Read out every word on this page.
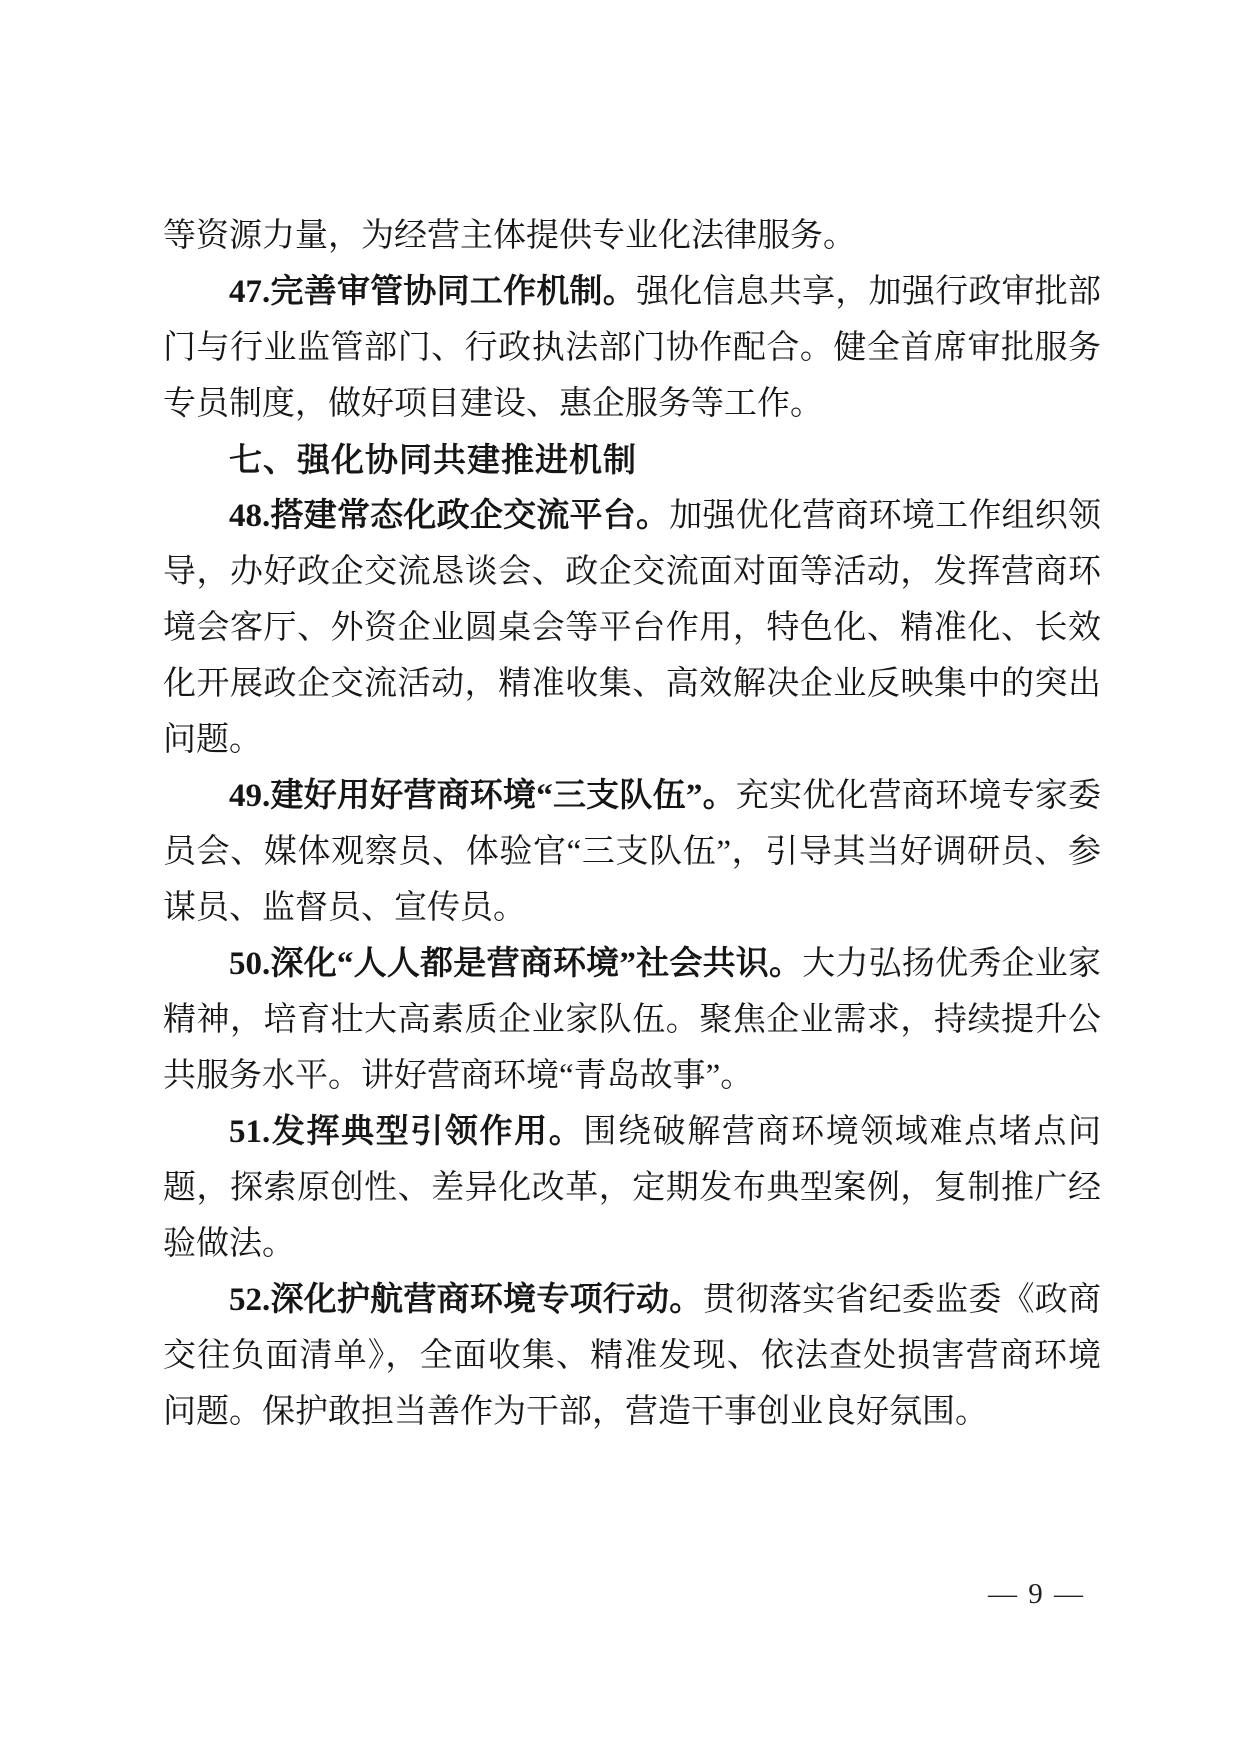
等资源力量，为经营主体提供专业化法律服务。

47.完善审管协同工作机制。强化信息共享，加强行政审批部门与行业监管部门、行政执法部门协作配合。健全首席审批服务专员制度，做好项目建设、惠企服务等工作。

七、强化协同共建推进机制

48.搭建常态化政企交流平台。加强优化营商环境工作组织领导，办好政企交流恳谈会、政企交流面对面等活动，发挥营商环境会客厅、外资企业圆桌会等平台作用，特色化、精准化、长效化开展政企交流活动，精准收集、高效解决企业反映集中的突出问题。

49.建好用好营商环境“三支队伍”。充实优化营商环境专家委员会、媒体观察员、体验官“三支队伍”，引导其当好调研员、参谋员、监督员、宣传员。

50.深化“人人都是营商环境”社会共识。大力弘扬优秀企业家精神，培育壮大高素质企业家队伍。聚焦企业需求，持续提升公共服务水平。讲好营商环境“青岛故事”。

51.发挥典型引领作用。围绕破解营商环境领域难点堵点问题，探索原创性、差异化改革，定期发布典型案例，复制推广经验做法。

52.深化护航营商环境专项行动。贯彻落实省纪委监委《政商交往负面清单》，全面收集、精准发现、依法查处损害营商环境问题。保护敢担当善作为干部，营造干事创业良好氛围。

— 9 —
